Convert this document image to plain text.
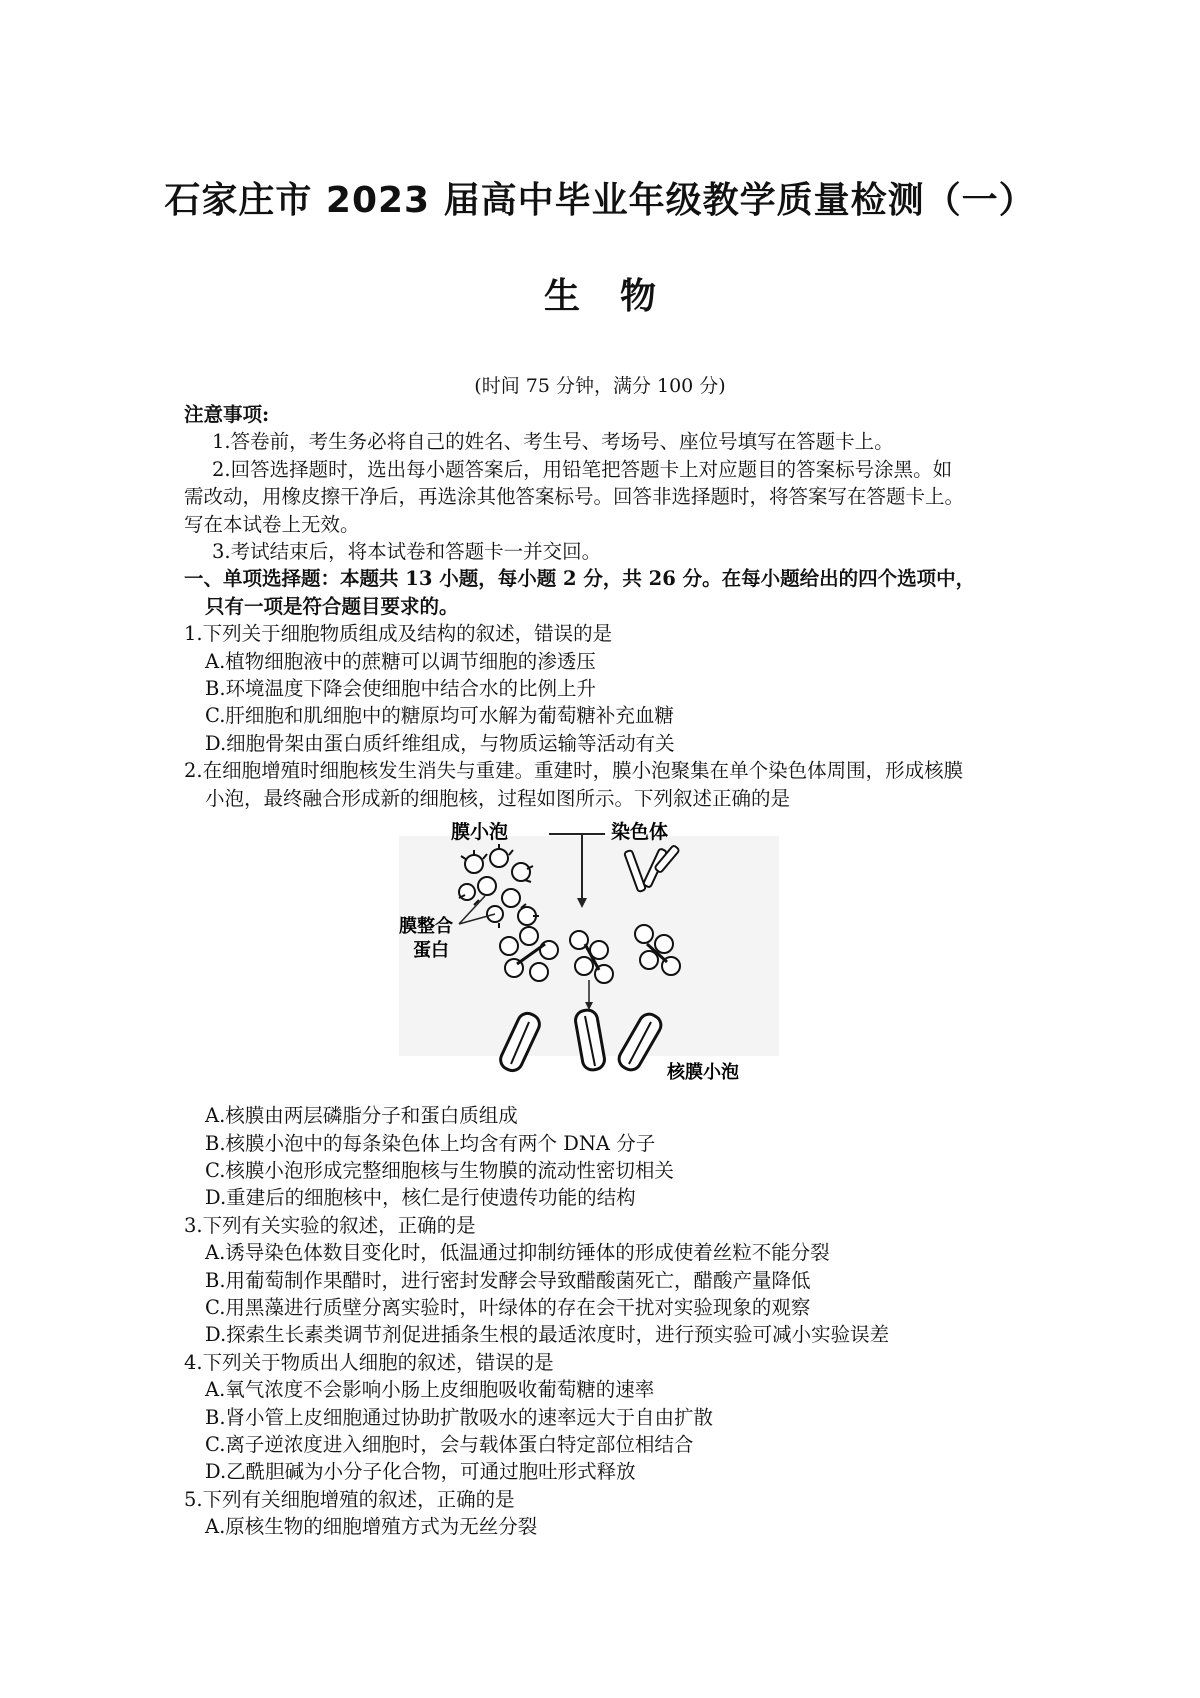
石家庄市 2023 届高中毕业年级教学质量检测（一）
生物
(时间 75 分钟，满分 100 分)

注意事项:

1.答卷前，考生务必将自己的姓名、考生号、考场号、座位号填写在答题卡上。

2.回答选择题时，选出每小题答案后，用铅笔把答题卡上对应题目的答案标号涂黑。如

需改动，用橡皮擦干净后，再选涂其他答案标号。回答非选择题时，将答案写在答题卡上。

写在本试卷上无效。

3.考试结束后，将本试卷和答题卡一并交回。

一、单项选择题：本题共 13 小题，每小题 2 分，共 26 分。在每小题给出的四个选项中，

只有一项是符合题目要求的。

1.下列关于细胞物质组成及结构的叙述，错误的是

A.植物细胞液中的蔗糖可以调节细胞的渗透压

B.环境温度下降会使细胞中结合水的比例上升

C.肝细胞和肌细胞中的糖原均可水解为葡萄糖补充血糖

D.细胞骨架由蛋白质纤维组成，与物质运输等活动有关

2.在细胞增殖时细胞核发生消失与重建。重建时，膜小泡聚集在单个染色体周围，形成核膜

小泡，最终融合形成新的细胞核，过程如图所示。下列叙述正确的是

膜小泡	染色体
膜整合
蛋白
核膜小泡

A.核膜由两层磷脂分子和蛋白质组成

B.核膜小泡中的每条染色体上均含有两个 DNA 分子

C.核膜小泡形成完整细胞核与生物膜的流动性密切相关

D.重建后的细胞核中，核仁是行使遗传功能的结构

3.下列有关实验的叙述，正确的是

A.诱导染色体数目变化时，低温通过抑制纺锤体的形成使着丝粒不能分裂

B.用葡萄制作果醋时，进行密封发酵会导致醋酸菌死亡，醋酸产量降低

C.用黑藻进行质壁分离实验时，叶绿体的存在会干扰对实验现象的观察

D.探索生长素类调节剂促进插条生根的最适浓度时，进行预实验可减小实验误差

4.下列关于物质出人细胞的叙述，错误的是

A.氧气浓度不会影响小肠上皮细胞吸收葡萄糖的速率

B.肾小管上皮细胞通过协助扩散吸水的速率远大于自由扩散

C.离子逆浓度进入细胞时，会与载体蛋白特定部位相结合

D.乙酰胆碱为小分子化合物，可通过胞吐形式释放

5.下列有关细胞增殖的叙述，正确的是

A.原核生物的细胞增殖方式为无丝分裂
